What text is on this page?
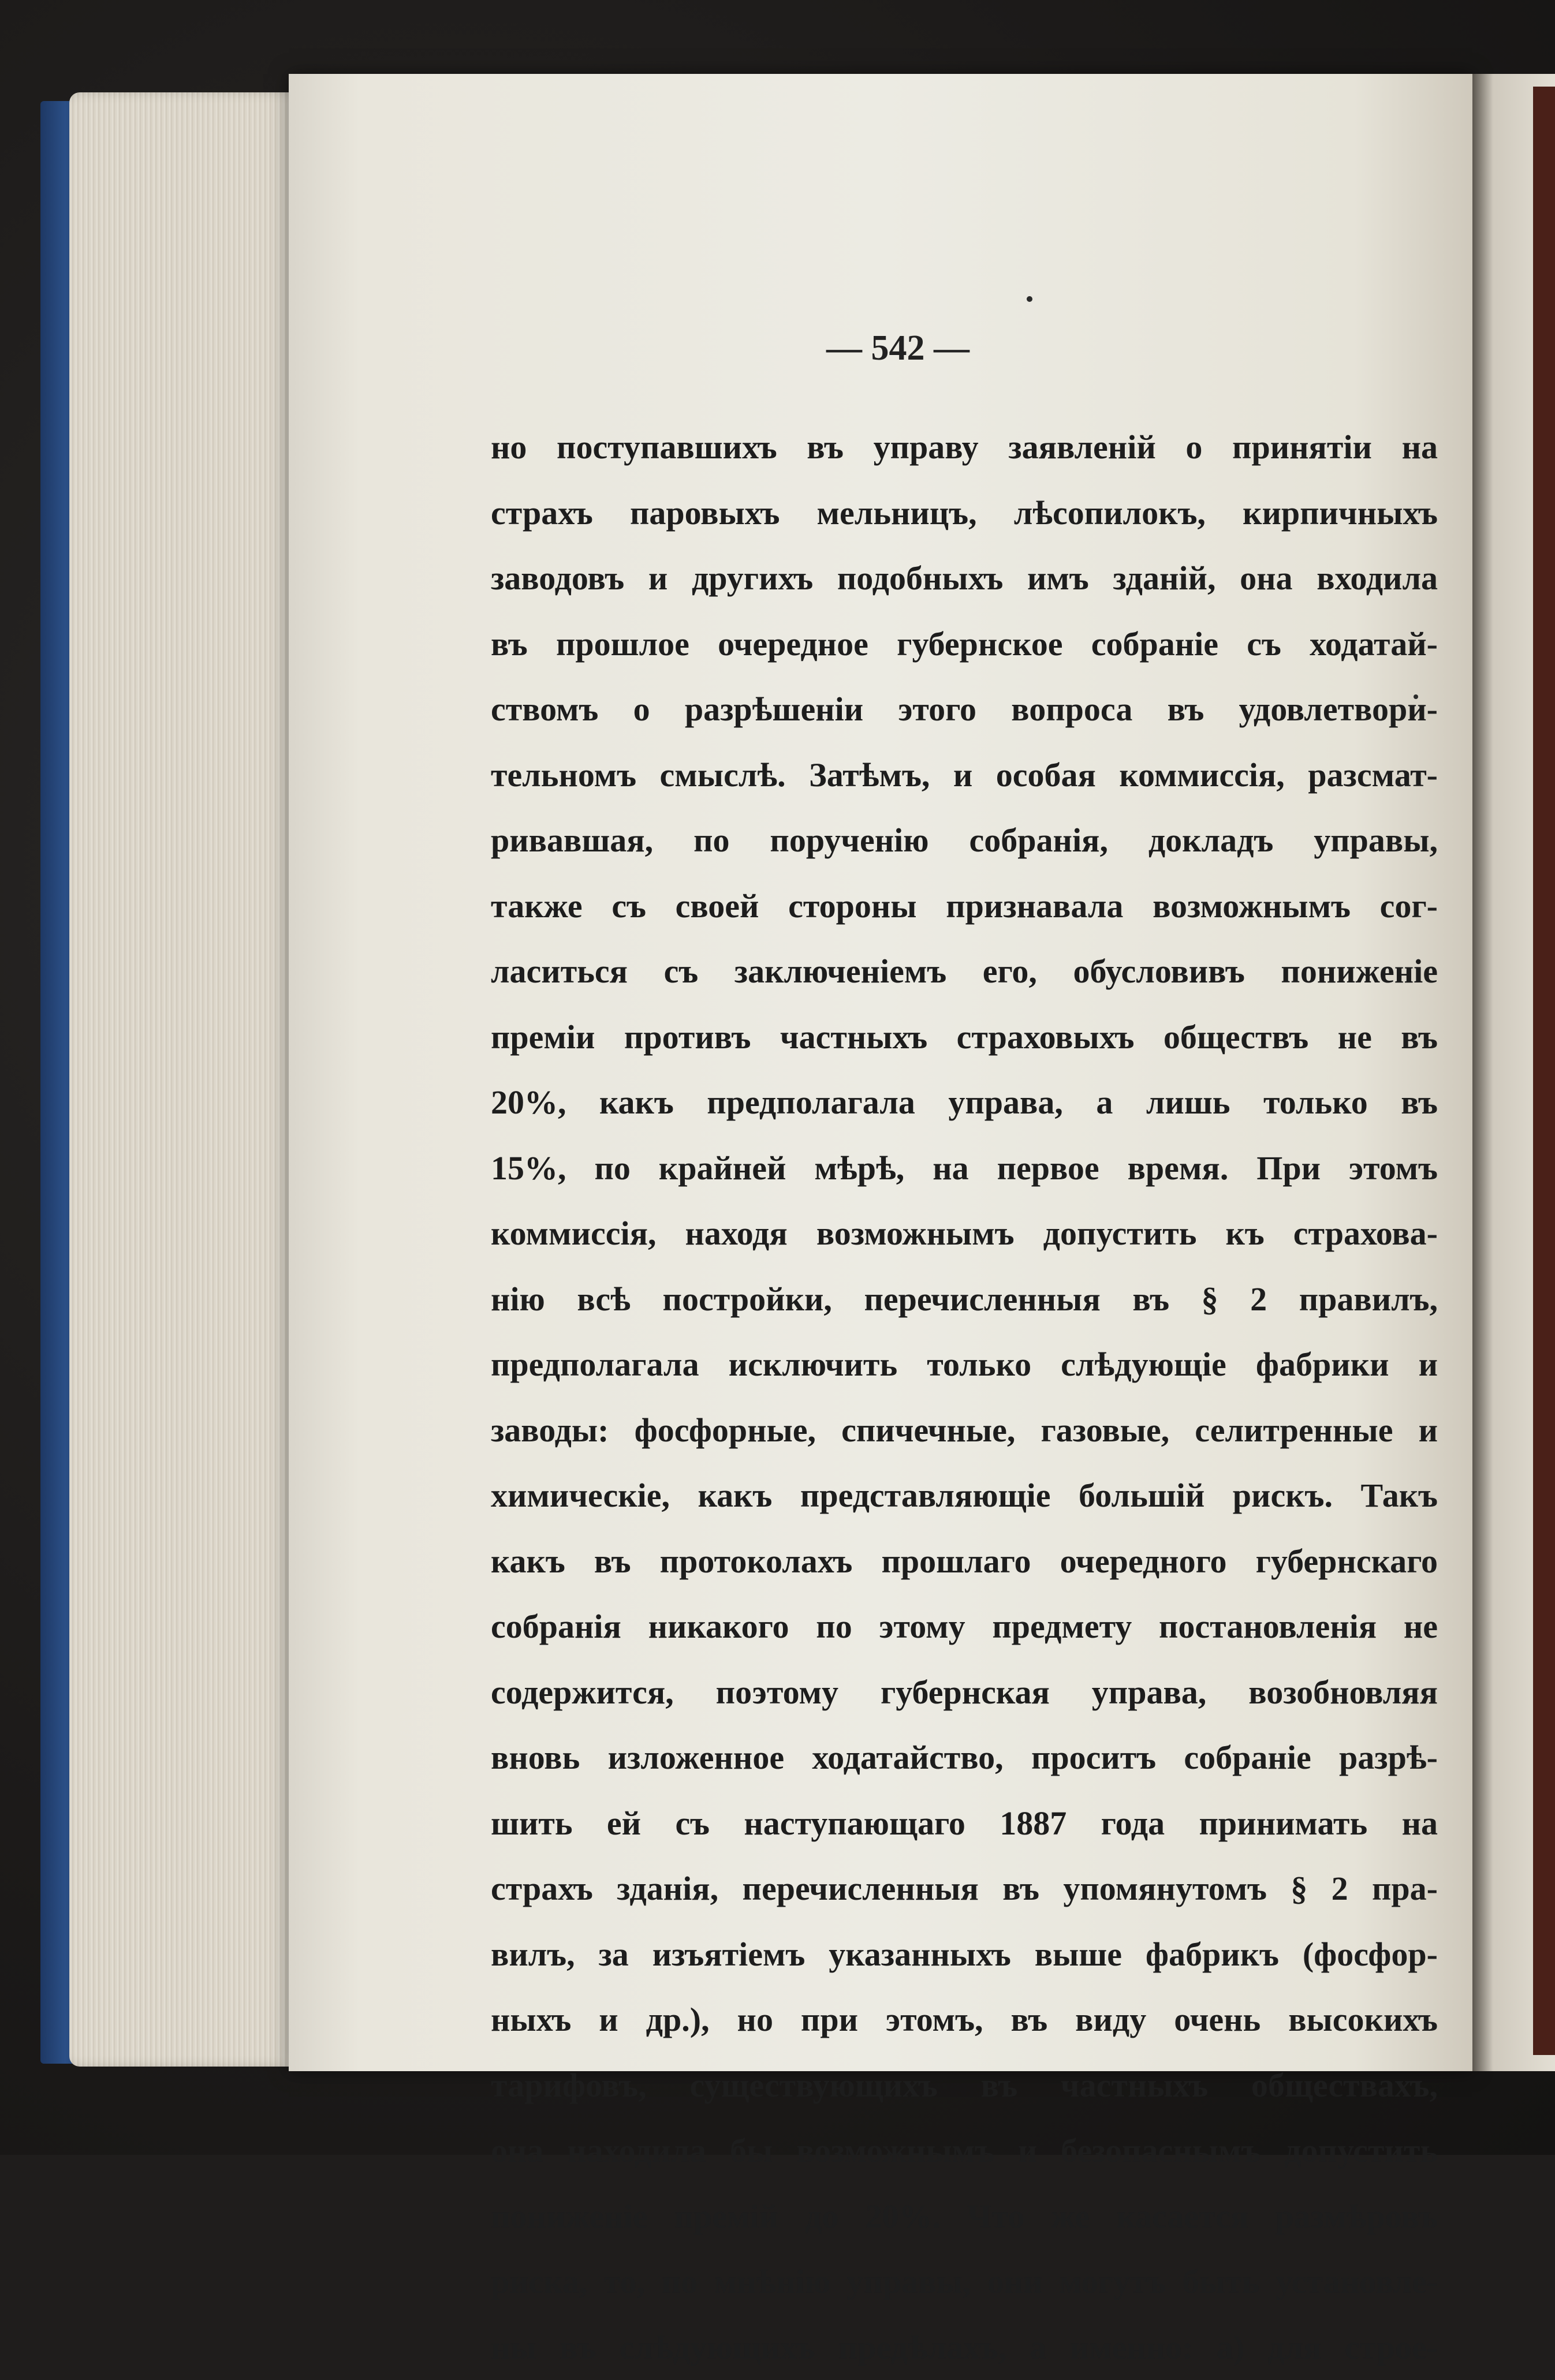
— 542 —
но поступавшихъ въ управу заявленій о принятіи на
страхъ паровыхъ мельницъ, лѣсопилокъ, кирпичныхъ
заводовъ и другихъ подобныхъ имъ зданій, она входила
въ прошлое очередное губернское собраніе съ ходатай-
ствомъ о разрѣшеніи этого вопроса въ удовлетвори-
тельномъ смыслѣ. Затѣмъ, и особая коммиссія, разсмат-
ривавшая, по порученію собранія, докладъ управы,
также съ своей стороны признавала возможнымъ сог-
ласиться съ заключеніемъ его, обусловивъ пониженіе
преміи противъ частныхъ страховыхъ обществъ не въ
20%, какъ предполагала управа, а лишь только въ
15%, по крайней мѣрѣ, на первое время. При этомъ
коммиссія, находя возможнымъ допустить къ страхова-
нію всѣ постройки, перечисленныя въ § 2 правилъ,
предполагала исключить только слѣдующіе фабрики и
заводы: фосфорные, спичечные, газовые, селитренные и
химическіе, какъ представляющіе большій рискъ. Такъ
какъ въ протоколахъ прошлаго очередного губернскаго
собранія никакого по этому предмету постановленія не
содержится, поэтому губернская управа, возобновляя
вновь изложенное ходатайство, проситъ собраніе разрѣ-
шить ей съ наступающаго 1887 года принимать на
страхъ зданія, перечисленныя въ упомянутомъ § 2 пра-
вилъ, за изъятіемъ указанныхъ выше фабрикъ (фосфор-
ныхъ и др.), но при этомъ, въ виду очень высокихъ
тарифовъ, существующихъ въ частныхъ обществахъ,
она находила бы возможнымъ и безопаснымъ допустить
пониженіе премій до 20%. Что же касается размѣровъ
риска, то, по мнѣнію управы, они могутъ быть установле-
ны въ слѣдующихъ предѣлахъ, а именно: а) для строе-
